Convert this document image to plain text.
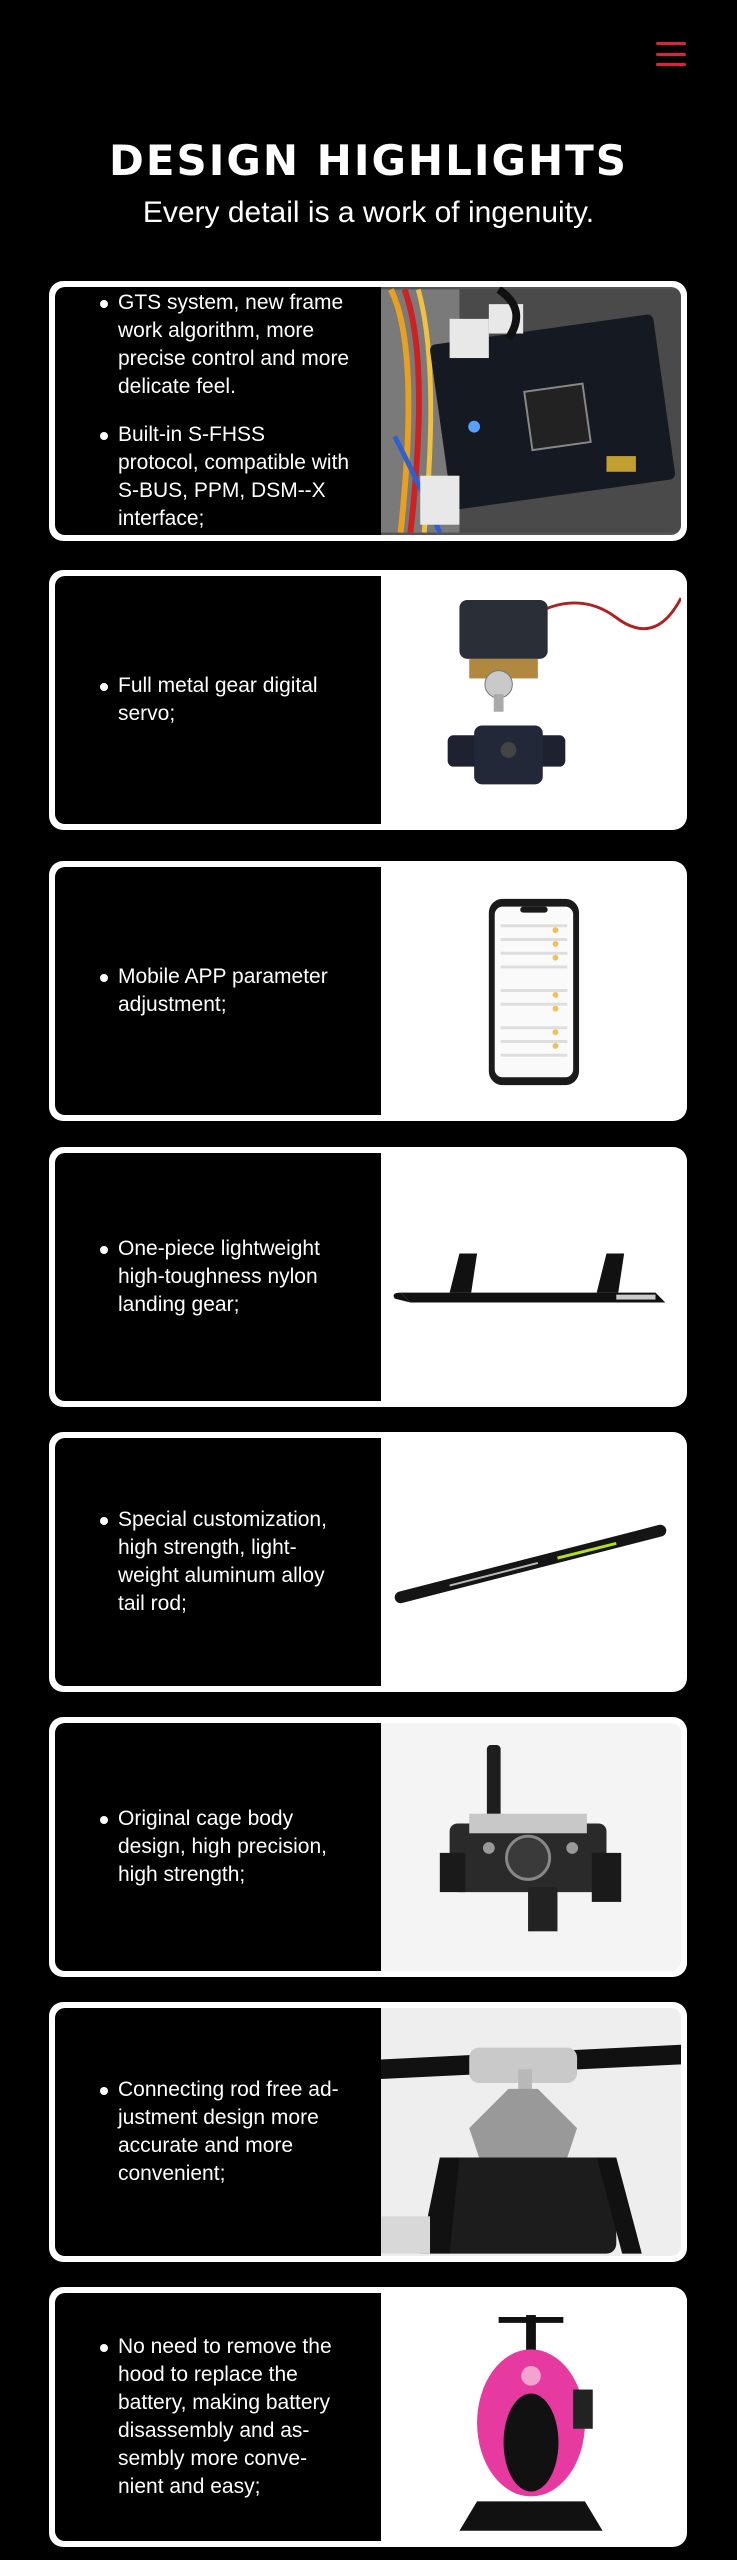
DESIGN HIGHLIGHTS
Every detail is a work of ingenuity.
GTS system, new frame work algorithm, more precise control and more delicate feel.
Built-in S-FHSS protocol, compatible with S-BUS, PPM, DSM--X interface;
Full metal gear digital servo;
Mobile APP parameter adjustment;
One-piece lightweight high-toughness nylon landing gear;
Special customization, high strength, light-weight aluminum alloy tail rod;
Original cage body design, high precision, high strength;
Connecting rod free ad-justment design more accurate and more convenient;
No need to remove the hood to replace the battery, making battery disassembly and as-sembly more conve-nient and easy;
